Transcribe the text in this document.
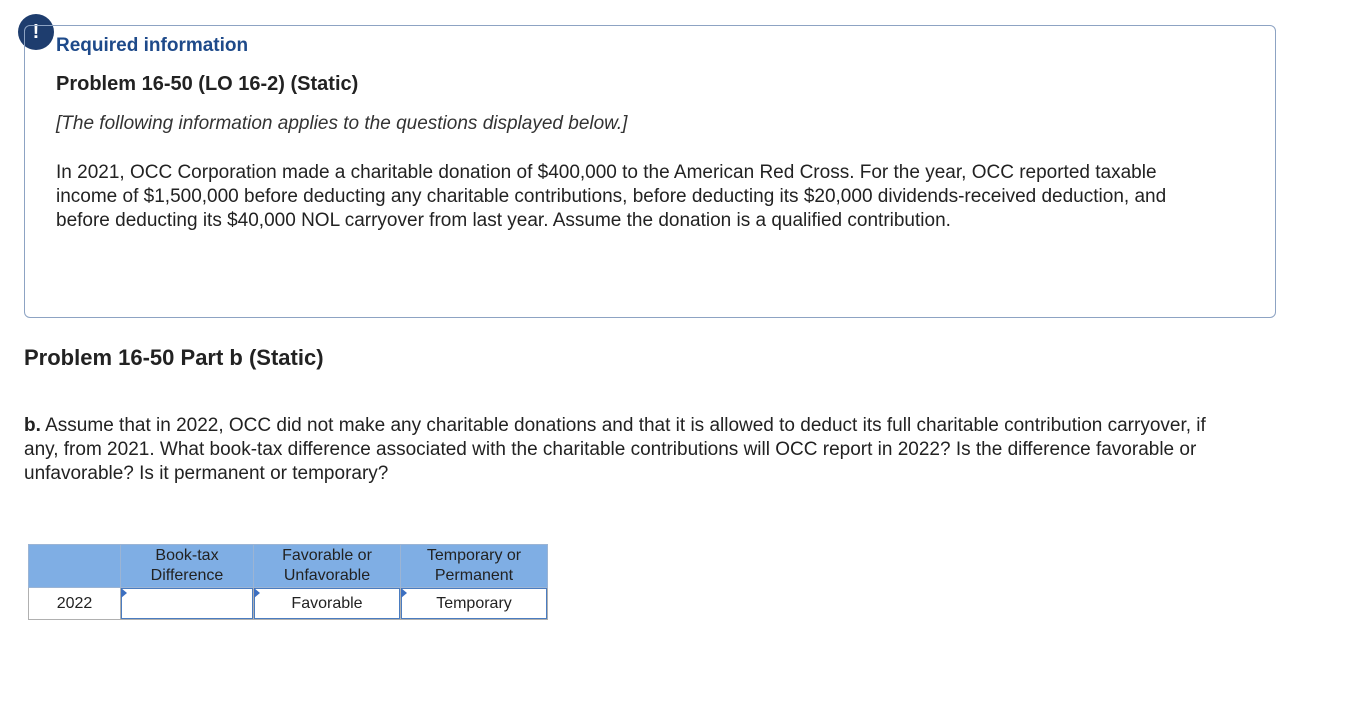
!
Required information
Problem 16-50 (LO 16-2) (Static)
[The following information applies to the questions displayed below.]

In 2021, OCC Corporation made a charitable donation of $400,000 to the American Red Cross. For the year, OCC reported taxable income of $1,500,000 before deducting any charitable contributions, before deducting its $20,000 dividends-received deduction, and before deducting its $40,000 NOL carryover from last year. Assume the donation is a qualified contribution.

Problem 16-50 Part b (Static)

b. Assume that in 2022, OCC did not make any charitable donations and that it is allowed to deduct its full charitable contribution carryover, if any, from 2021. What book-tax difference associated with the charitable contributions will OCC report in 2022? Is the difference favorable or unfavorable? Is it permanent or temporary?

	Book-tax Difference	Favorable or Unfavorable	Temporary or Permanent
2022		Favorable	Temporary
